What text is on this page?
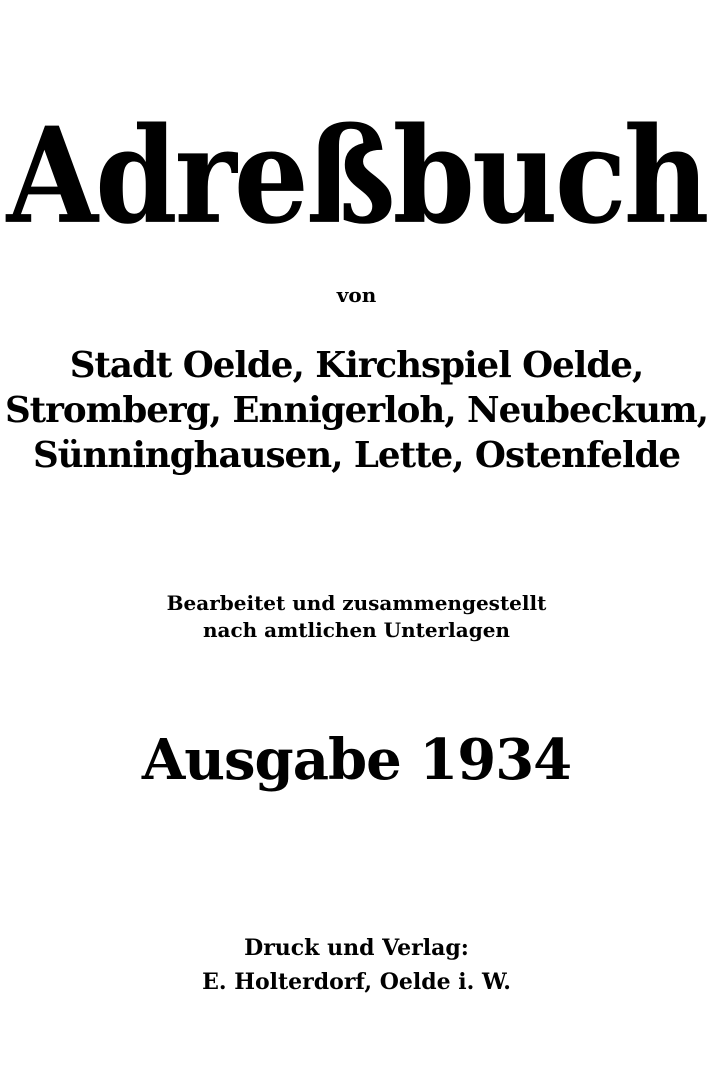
Adreßbuch
von
Stadt Oelde, Kirchspiel Oelde,
Stromberg, Ennigerloh, Neubeckum,
Sünninghausen, Lette, Ostenfelde
Bearbeitet und zusammengestellt
nach amtlichen Unterlagen
Ausgabe 1934
Druck und Verlag:
E. Holterdorf, Oelde i. W.
